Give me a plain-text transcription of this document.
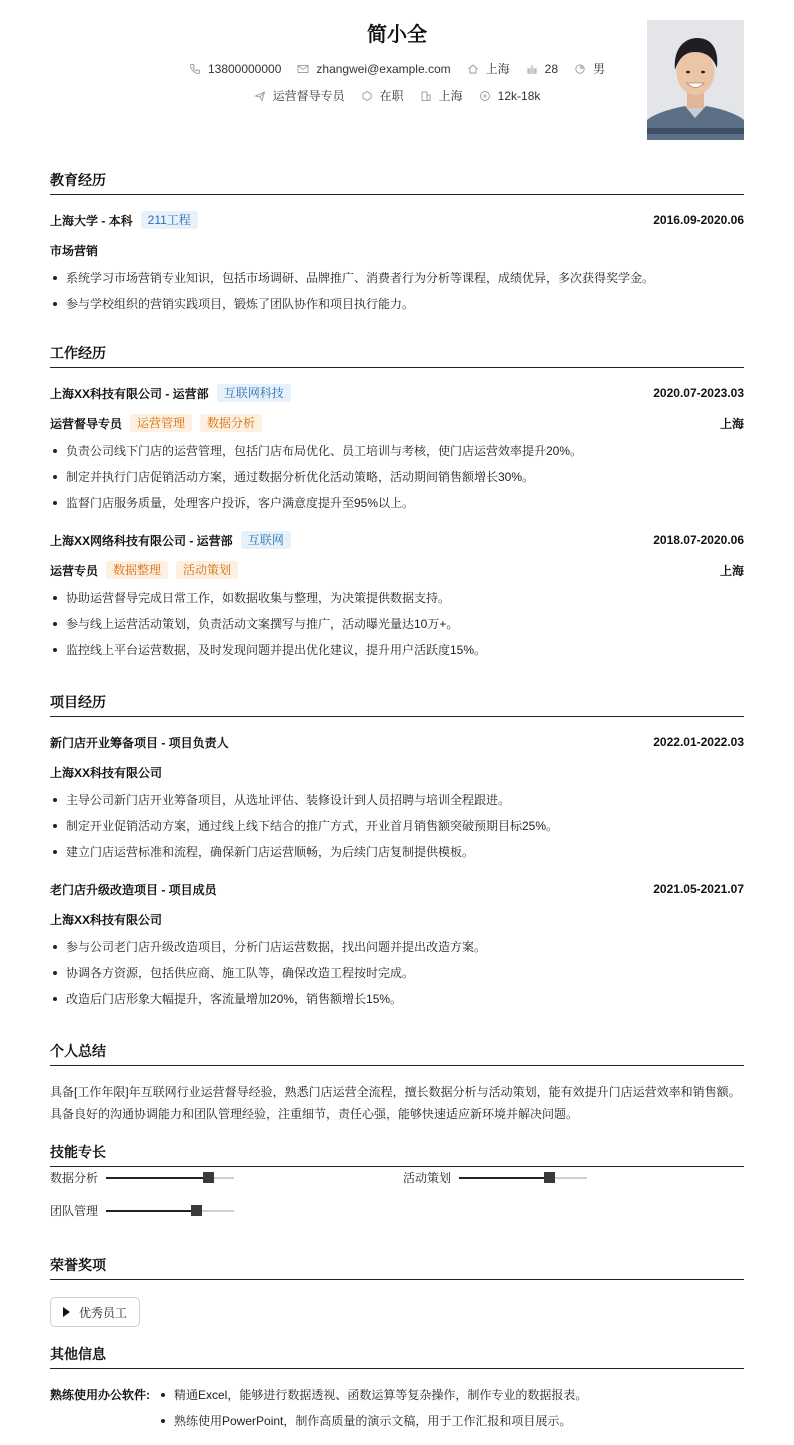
简小全
13800000000	zhangwei@example.com	上海	28	男
运营督导专员	在职	上海	12k-18k
教育经历
上海大学 - 本科	211工程	2016.09-2020.06
市场营销
系统学习市场营销专业知识，包括市场调研、品牌推广、消费者行为分析等课程，成绩优异，多次获得奖学金。
参与学校组织的营销实践项目，锻炼了团队协作和项目执行能力。
工作经历
上海XX科技有限公司 - 运营部	互联网科技	2020.07-2023.03
运营督导专员	运营管理	数据分析	上海
负责公司线下门店的运营管理，包括门店布局优化、员工培训与考核，使门店运营效率提升20%。
制定并执行门店促销活动方案，通过数据分析优化活动策略，活动期间销售额增长30%。
监督门店服务质量，处理客户投诉，客户满意度提升至95%以上。
上海XX网络科技有限公司 - 运营部	互联网	2018.07-2020.06
运营专员	数据整理	活动策划	上海
协助运营督导完成日常工作，如数据收集与整理，为决策提供数据支持。
参与线上运营活动策划，负责活动文案撰写与推广，活动曝光量达10万+。
监控线上平台运营数据，及时发现问题并提出优化建议，提升用户活跃度15%。
项目经历
新门店开业筹备项目 - 项目负责人	2022.01-2022.03
上海XX科技有限公司
主导公司新门店开业筹备项目，从选址评估、装修设计到人员招聘与培训全程跟进。
制定开业促销活动方案，通过线上线下结合的推广方式，开业首月销售额突破预期目标25%。
建立门店运营标准和流程，确保新门店运营顺畅，为后续门店复制提供模板。
老门店升级改造项目 - 项目成员	2021.05-2021.07
上海XX科技有限公司
参与公司老门店升级改造项目，分析门店运营数据，找出问题并提出改造方案。
协调各方资源，包括供应商、施工队等，确保改造工程按时完成。
改造后门店形象大幅提升，客流量增加20%，销售额增长15%。
个人总结
具备[工作年限]年互联网行业运营督导经验，熟悉门店运营全流程，擅长数据分析与活动策划，能有效提升门店运营效率和销售额。
具备良好的沟通协调能力和团队管理经验，注重细节，责任心强，能够快速适应新环境并解决问题。
技能专长
数据分析	活动策划
团队管理
荣誉奖项
优秀员工
其他信息
熟练使用办公软件:	精通Excel，能够进行数据透视、函数运算等复杂操作，制作专业的数据报表。
熟练使用PowerPoint，制作高质量的演示文稿，用于工作汇报和项目展示。
